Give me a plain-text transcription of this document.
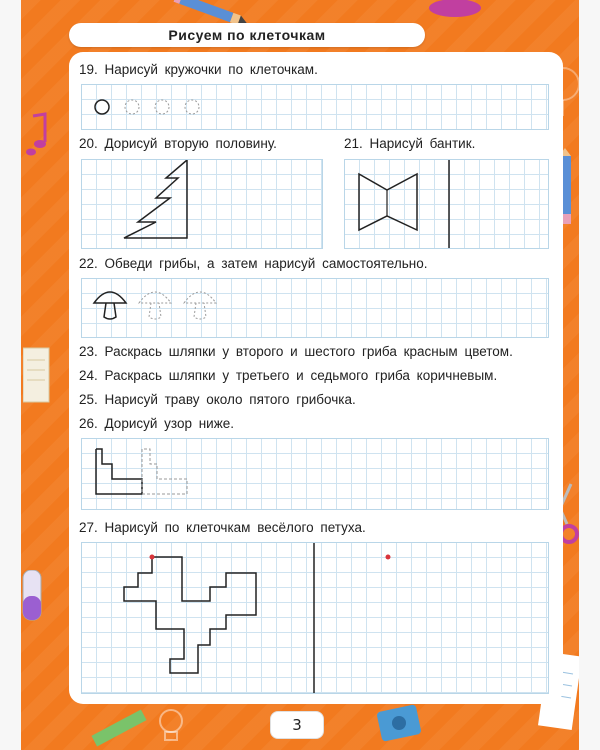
Рисуем по клеточкам
19. Нарисуй кружочки по клеточкам.
20. Дорисуй вторую половину.	21. Нарисуй бантик.
22. Обведи грибы, а затем нарисуй самостоятельно.
23. Раскрась шляпки у второго и шестого гриба красным цветом.
24. Раскрась шляпки у третьего и седьмого гриба коричневым.
25. Нарисуй траву около пятого грибочка.
26. Дорисуй узор ниже.
27. Нарисуй по клеточкам весёлого петуха.
3
